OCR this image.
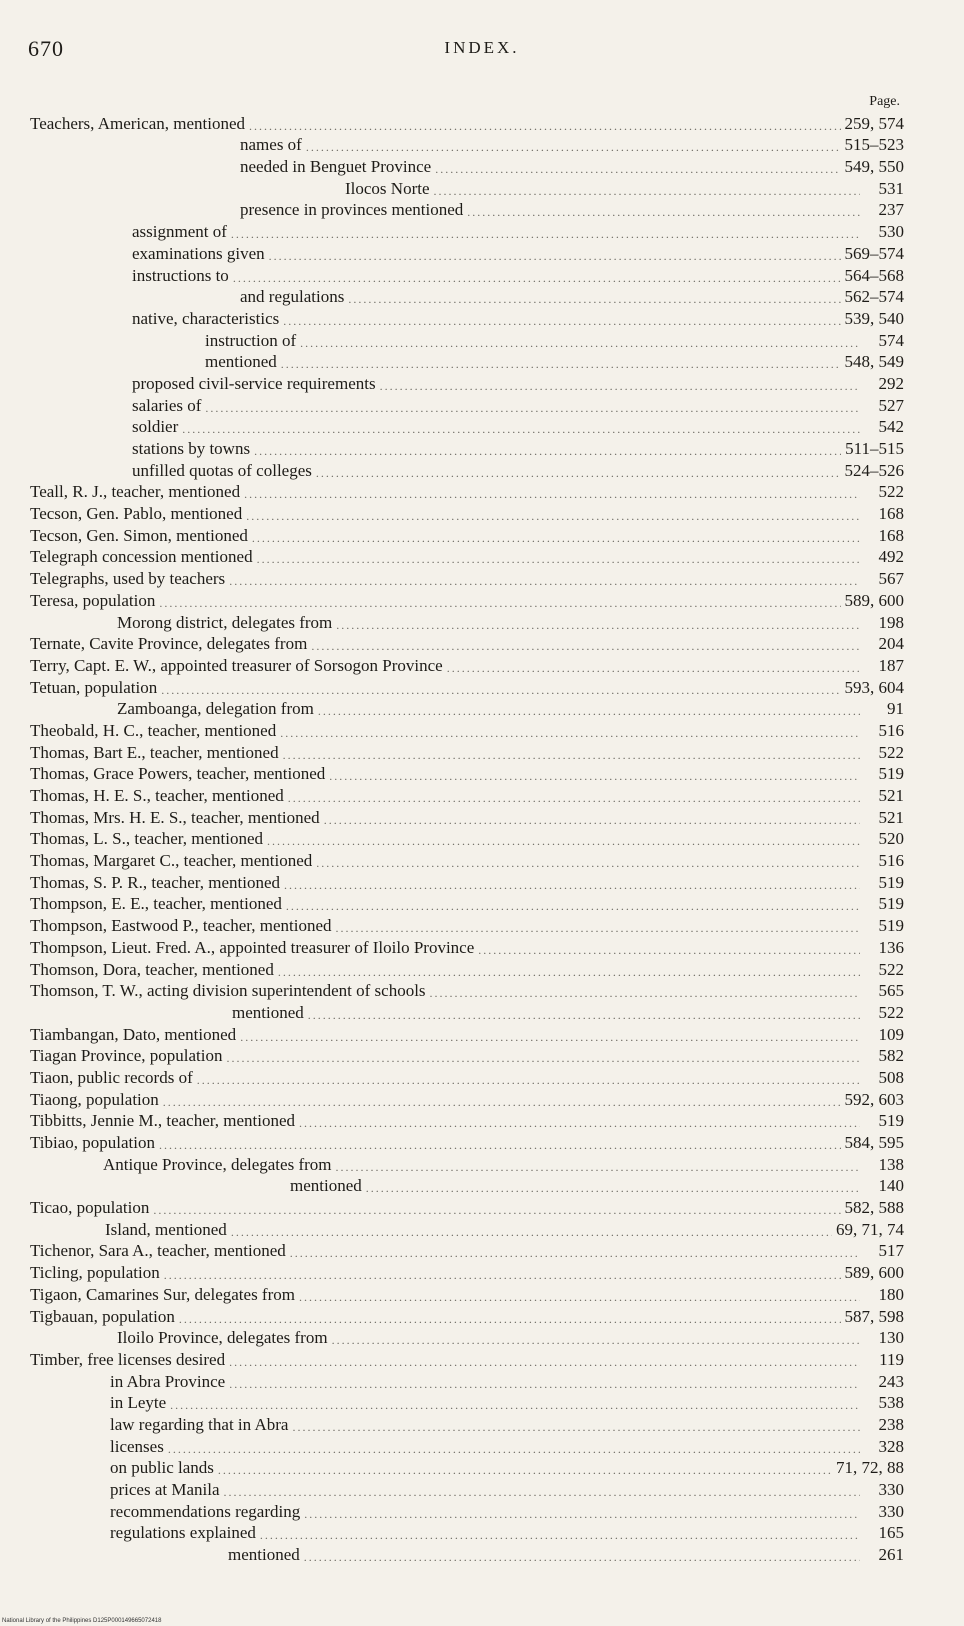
670	INDEX.
Page.
Teachers, American, mentioned .....	259, 574
names of .....	515–523
needed in Benguet Province .....	549, 550
Ilocos Norte .....	531
presence in provinces mentioned .....	237
assignment of .....	530
examinations given .....	569–574
instructions to .....	564–568
and regulations .....	562–574
native, characteristics .....	539, 540
instruction of .....	574
mentioned .....	548, 549
proposed civil-service requirements .....	292
salaries of .....	527
soldier .....	542
stations by towns .....	511–515
unfilled quotas of colleges .....	524–526
Teall, R. J., teacher, mentioned .....	522
Tecson, Gen. Pablo, mentioned .....	168
Tecson, Gen. Simon, mentioned .....	168
Telegraph concession mentioned .....	492
Telegraphs, used by teachers .....	567
Teresa, population .....	589, 600
Morong district, delegates from .....	198
Ternate, Cavite Province, delegates from .....	204
Terry, Capt. E. W., appointed treasurer of Sorsogon Province .....	187
Tetuan, population .....	593, 604
Zamboanga, delegation from .....	91
Theobald, H. C., teacher, mentioned .....	516
Thomas, Bart E., teacher, mentioned .....	522
Thomas, Grace Powers, teacher, mentioned .....	519
Thomas, H. E. S., teacher, mentioned .....	521
Thomas, Mrs. H. E. S., teacher, mentioned .....	521
Thomas, L. S., teacher, mentioned .....	520
Thomas, Margaret C., teacher, mentioned .....	516
Thomas, S. P. R., teacher, mentioned .....	519
Thompson, E. E., teacher, mentioned .....	519
Thompson, Eastwood P., teacher, mentioned .....	519
Thompson, Lieut. Fred. A., appointed treasurer of Iloilo Province .....	136
Thomson, Dora, teacher, mentioned .....	522
Thomson, T. W., acting division superintendent of schools .....	565
mentioned .....	522
Tiambangan, Dato, mentioned .....	109
Tiagan Province, population .....	582
Tiaon, public records of .....	508
Tiaong, population .....	592, 603
Tibbitts, Jennie M., teacher, mentioned .....	519
Tibiao, population .....	584, 595
Antique Province, delegates from .....	138
mentioned .....	140
Ticao, population .....	582, 588
Island, mentioned .....	69, 71, 74
Tichenor, Sara A., teacher, mentioned .....	517
Ticling, population .....	589, 600
Tigaon, Camarines Sur, delegates from .....	180
Tigbauan, population .....	587, 598
Iloilo Province, delegates from .....	130
Timber, free licenses desired .....	119
in Abra Province .....	243
in Leyte .....	538
law regarding that in Abra .....	238
licenses .....	328
on public lands .....	71, 72, 88
prices at Manila .....	330
recommendations regarding .....	330
regulations explained .....	165
mentioned .....	261
National Library of the Philippines D125P000149665072418
